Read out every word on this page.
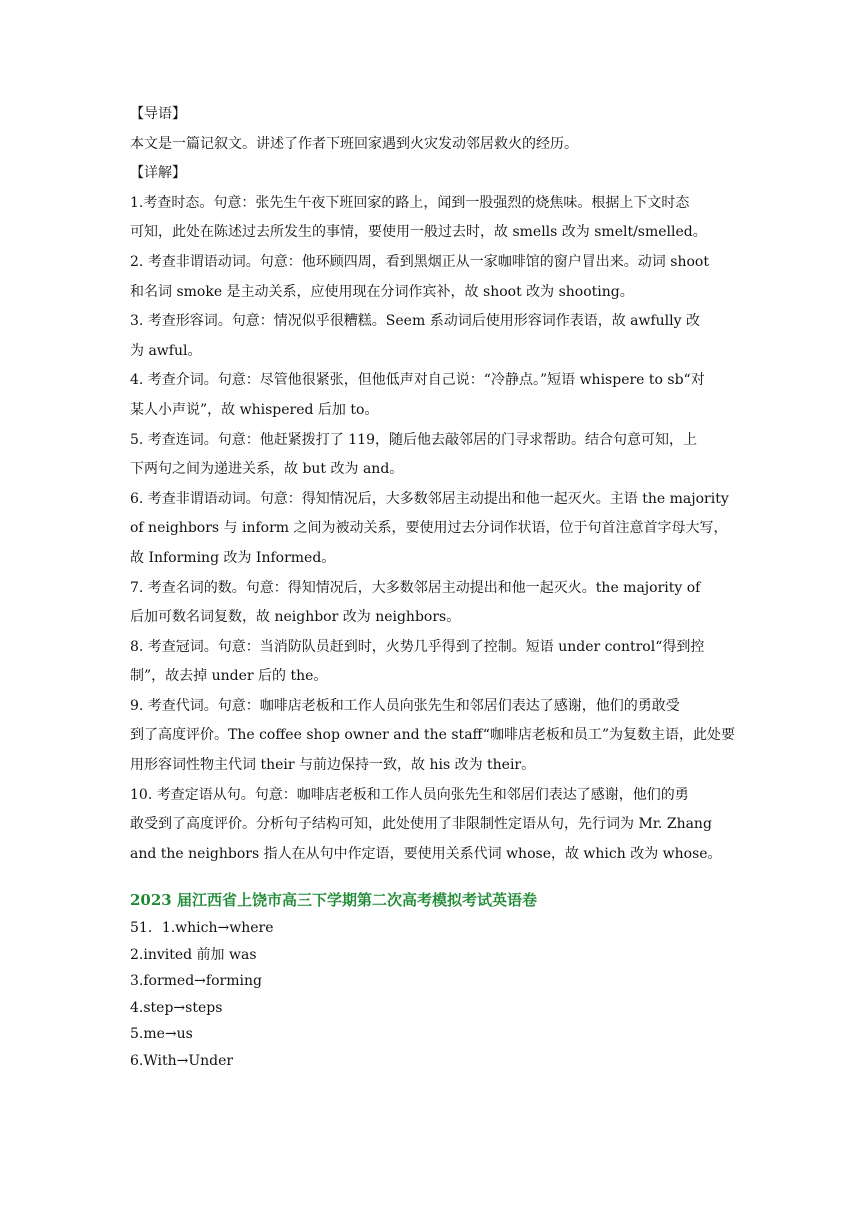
【导语】
本文是一篇记叙文。讲述了作者下班回家遇到火灾发动邻居救火的经历。
【详解】
1.考查时态。句意：张先生午夜下班回家的路上，闻到一股强烈的烧焦味。根据上下文时态
可知，此处在陈述过去所发生的事情，要使用一般过去时，故 smells 改为 smelt/smelled。
2. 考查非谓语动词。句意：他环顾四周，看到黑烟正从一家咖啡馆的窗户冒出来。动词 shoot
和名词 smoke 是主动关系，应使用现在分词作宾补，故 shoot 改为 shooting。
3. 考查形容词。句意：情况似乎很糟糕。Seem 系动词后使用形容词作表语，故 awfully 改
为 awful。
4. 考查介词。句意：尽管他很紧张，但他低声对自己说：“冷静点。”短语 whispere to sb“对
某人小声说”，故 whispered 后加 to。
5. 考查连词。句意：他赶紧拨打了 119，随后他去敲邻居的门寻求帮助。结合句意可知，上
下两句之间为递进关系，故 but 改为 and。
6. 考查非谓语动词。句意：得知情况后，大多数邻居主动提出和他一起灭火。主语 the majority
of neighbors 与 inform 之间为被动关系，要使用过去分词作状语，位于句首注意首字母大写，
故 Informing 改为 Informed。
7. 考查名词的数。句意：得知情况后，大多数邻居主动提出和他一起灭火。the majority of
后加可数名词复数，故 neighbor 改为 neighbors。
8. 考查冠词。句意：当消防队员赶到时，火势几乎得到了控制。短语 under control“得到控
制”，故去掉 under 后的 the。
9. 考查代词。句意：咖啡店老板和工作人员向张先生和邻居们表达了感谢，他们的勇敢受
到了高度评价。The coffee shop owner and the staff“咖啡店老板和员工”为复数主语，此处要
用形容词性物主代词 their 与前边保持一致，故 his 改为 their。
10. 考查定语从句。句意：咖啡店老板和工作人员向张先生和邻居们表达了感谢，他们的勇
敢受到了高度评价。分析句子结构可知，此处使用了非限制性定语从句，先行词为 Mr. Zhang
and the neighbors 指人在从句中作定语，要使用关系代词 whose，故 which 改为 whose。
2023 届江西省上饶市高三下学期第二次高考模拟考试英语卷
51．1.which→where
2.invited 前加 was
3.formed→forming
4.step→steps
5.me→us
6.With→Under
